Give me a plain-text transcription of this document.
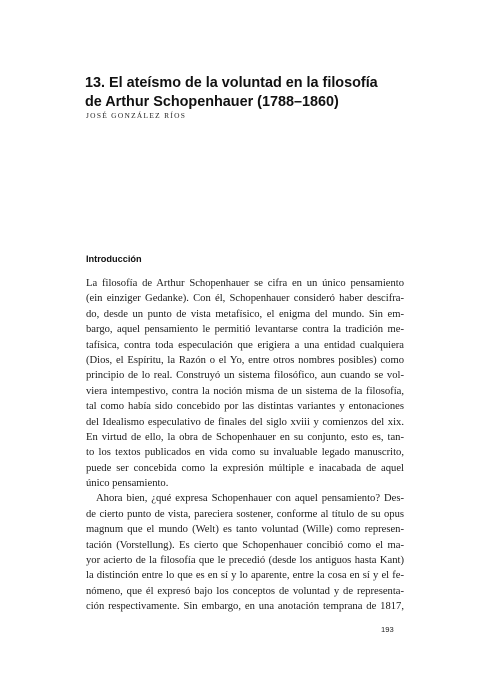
13. El ateísmo de la voluntad en la filosofía
de Arthur Schopenhauer (1788–1860)
JOSÉ GONZÁLEZ RÍOS
Introducción
La filosofía de Arthur Schopenhauer se cifra en un único pensamiento
(ein einziger Gedanke). Con él, Schopenhauer consideró haber descifra-
do, desde un punto de vista metafísico, el enigma del mundo. Sin em-
bargo, aquel pensamiento le permitió levantarse contra la tradición me-
tafísica, contra toda especulación que erigiera a una entidad cualquiera
(Dios, el Espíritu, la Razón o el Yo, entre otros nombres posibles) como
principio de lo real. Construyó un sistema filosófico, aun cuando se vol-
viera intempestivo, contra la noción misma de un sistema de la filosofía,
tal como había sido concebido por las distintas variantes y entonaciones
del Idealismo especulativo de finales del siglo xviii y comienzos del xix.
En virtud de ello, la obra de Schopenhauer en su conjunto, esto es, tan-
to los textos publicados en vida como su invaluable legado manuscrito,
puede ser concebida como la expresión múltiple e inacabada de aquel
único pensamiento.
Ahora bien, ¿qué expresa Schopenhauer con aquel pensamiento? Des-
de cierto punto de vista, pareciera sostener, conforme al título de su opus
magnum que el mundo (Welt) es tanto voluntad (Wille) como represen-
tación (Vorstellung). Es cierto que Schopenhauer concibió como el ma-
yor acierto de la filosofía que le precedió (desde los antiguos hasta Kant)
la distinción entre lo que es en sí y lo aparente, entre la cosa en sí y el fe-
nómeno, que él expresó bajo los conceptos de voluntad y de representa-
ción respectivamente. Sin embargo, en una anotación temprana de 1817,
193
